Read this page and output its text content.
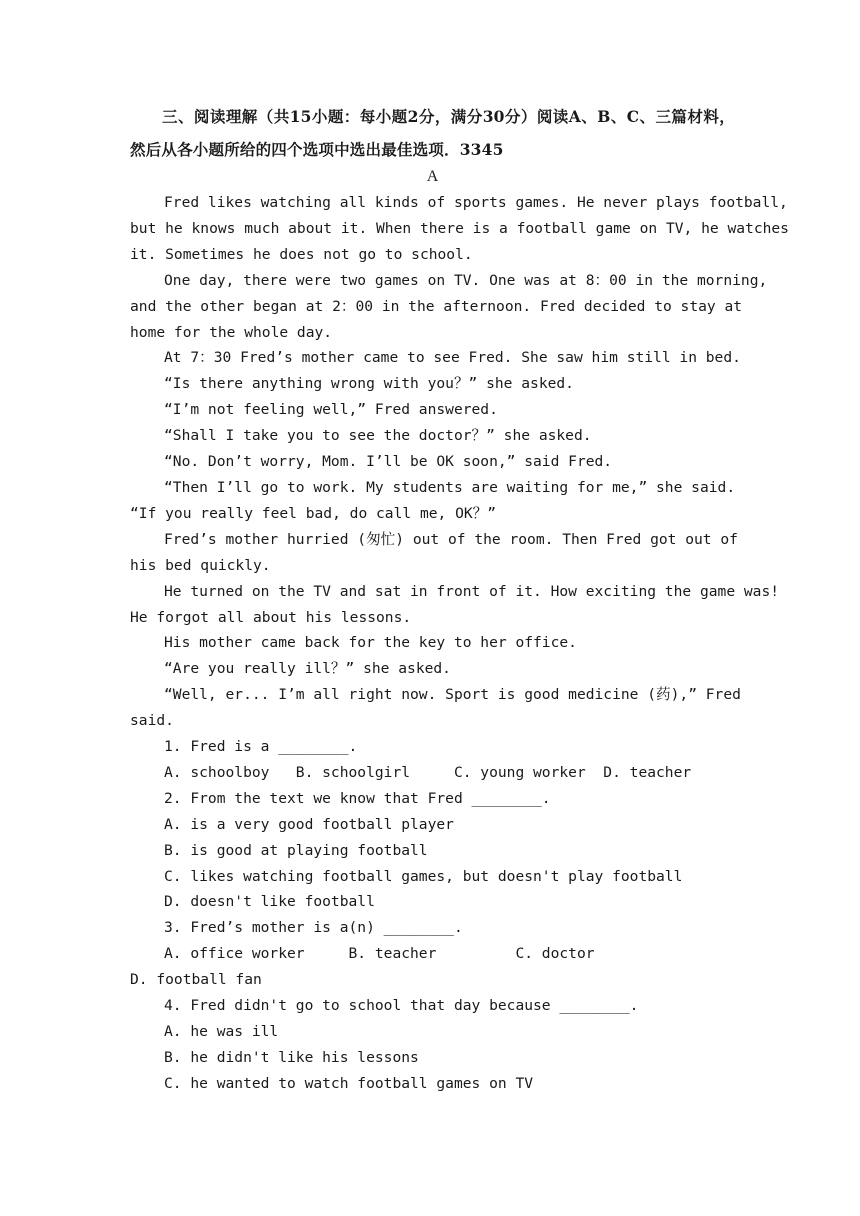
三、阅读理解（共15小题：每小题2分，满分30分）阅读A、B、C、三篇材料，然后从各小题所给的四个选项中选出最佳选项．3345

A

Fred likes watching all kinds of sports games. He never plays football,

but he knows much about it. When there is a football game on TV, he watches

it. Sometimes he does not go to school.

One day, there were two games on TV. One was at 8：00 in the morning,

and the other began at 2：00 in the afternoon. Fred decided to stay at

home for the whole day.

At 7：30 Fred’s mother came to see Fred. She saw him still in bed.

“Is there anything wrong with you？” she asked.

“I’m not feeling well,” Fred answered.

“Shall I take you to see the doctor？” she asked.

“No. Don’t worry, Mom. I’ll be OK soon,” said Fred.

“Then I’ll go to work. My students are waiting for me,” she said.

“If you really feel bad, do call me, OK？”

Fred’s mother hurried (匆忙) out of the room. Then Fred got out of

his bed quickly.

He turned on the TV and sat in front of it. How exciting the game was!

He forgot all about his lessons.

His mother came back for the key to her office.

“Are you really ill？” she asked.

“Well, er... I’m all right now. Sport is good medicine (药),” Fred

said.

1. Fred is a ________.

A. schoolboy   B. schoolgirl     C. young worker  D. teacher

2. From the text we know that Fred ________.

A. is a very good football player

B. is good at playing football

C. likes watching football games, but doesn't play football

D. doesn't like football

3. Fred’s mother is a(n) ________.

A. office worker     B. teacher         C. doctor

D. football fan

4. Fred didn't go to school that day because ________.

A. he was ill

B. he didn't like his lessons

C. he wanted to watch football games on TV
